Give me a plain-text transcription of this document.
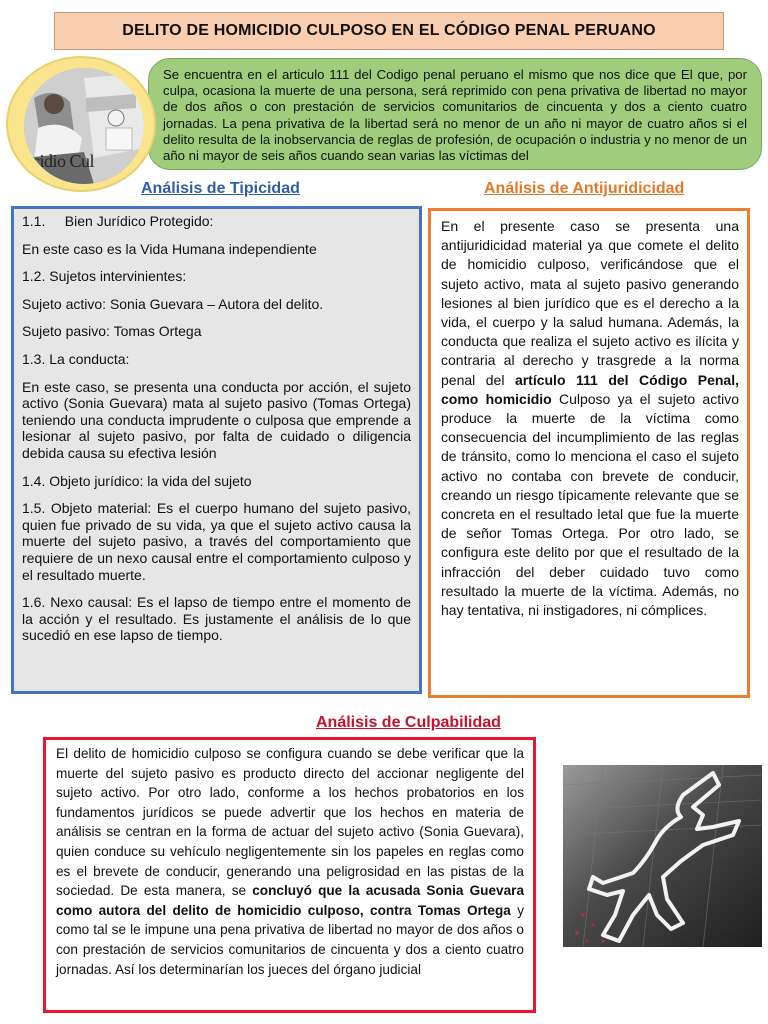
DELITO DE HOMICIDIO CULPOSO EN EL CÓDIGO PENAL PERUANO
Se encuentra en el articulo 111 del Codigo penal peruano el mismo que nos dice que El que, por culpa, ocasiona la muerte de una persona, será reprimido con pena privativa de libertad no mayor de dos años o con prestación de servicios comunitarios de cincuenta y dos a ciento cuatro jornadas. La pena privativa de la libertad será no menor de un año ni mayor de cuatro años si el delito resulta de la inobservancia de reglas de profesión, de ocupación o industria y no menor de un año ni mayor de seis años cuando sean varias las víctimas del
cidio Cul
Análisis de Tipicidad	Análisis de Antijuridicidad

1.1.     Bien Jurídico Protegido:

En este caso es la Vida Humana independiente

1.2. Sujetos intervinientes:

Sujeto activo: Sonia Guevara – Autora del delito.

Sujeto pasivo: Tomas Ortega

1.3. La conducta:

En este caso, se presenta una conducta por acción, el sujeto activo (Sonia Guevara) mata al sujeto pasivo (Tomas Ortega) teniendo una conducta imprudente o culposa que emprende a lesionar al sujeto pasivo, por falta de cuidado o diligencia debida causa su efectiva lesión

1.4. Objeto jurídico: la vida del sujeto

1.5. Objeto material: Es el cuerpo humano del sujeto pasivo, quien fue privado de su vida, ya que el sujeto activo causa la muerte del sujeto pasivo, a través del comportamiento que requiere de un nexo causal entre el comportamiento culposo y el resultado muerte.

1.6. Nexo causal: Es el lapso de tiempo entre el momento de la acción y el resultado. Es justamente el análisis de lo que sucedió en ese lapso de tiempo.

En el presente caso se presenta una antijuridicidad material ya que comete el delito de homicidio culposo, verificándose que el sujeto activo, mata al sujeto pasivo generando lesiones al bien jurídico que es el derecho a la vida, el cuerpo y la salud humana. Además, la conducta que realiza el sujeto activo es ilícita y contraria al derecho y trasgrede a la norma penal del artículo 111 del Código Penal, como homicidio Culposo ya el sujeto activo produce la muerte de la víctima como consecuencia del incumplimiento de las reglas de tránsito, como lo menciona el caso el sujeto activo no contaba con brevete de conducir, creando un riesgo típicamente relevante que se concreta en el resultado letal que fue la muerte de señor Tomas Ortega. Por otro lado, se configura este delito por que el resultado de la infracción del deber cuidado tuvo como resultado la muerte de la víctima. Además, no hay tentativa, ni instigadores, ni cómplices.
Análisis de Culpabilidad
El delito de homicidio culposo se configura cuando se debe verificar que la muerte del sujeto pasivo es producto directo del accionar negligente del sujeto activo. Por otro lado, conforme a los hechos probatorios en los fundamentos jurídicos se puede advertir que los hechos en materia de análisis se centran en la forma de actuar del sujeto activo (Sonia Guevara), quien conduce su vehículo negligentemente sin los papeles en reglas como es el brevete de conducir, generando una peligrosidad en las pistas de la sociedad. De esta manera, se concluyó que la acusada Sonia Guevara como autora del delito de homicidio culposo, contra Tomas Ortega y como tal se le impune una pena privativa de libertad no mayor de dos años o con prestación de servicios comunitarios de cincuenta y dos a ciento cuatro jornadas. Así los determinarían los jueces del órgano judicial
